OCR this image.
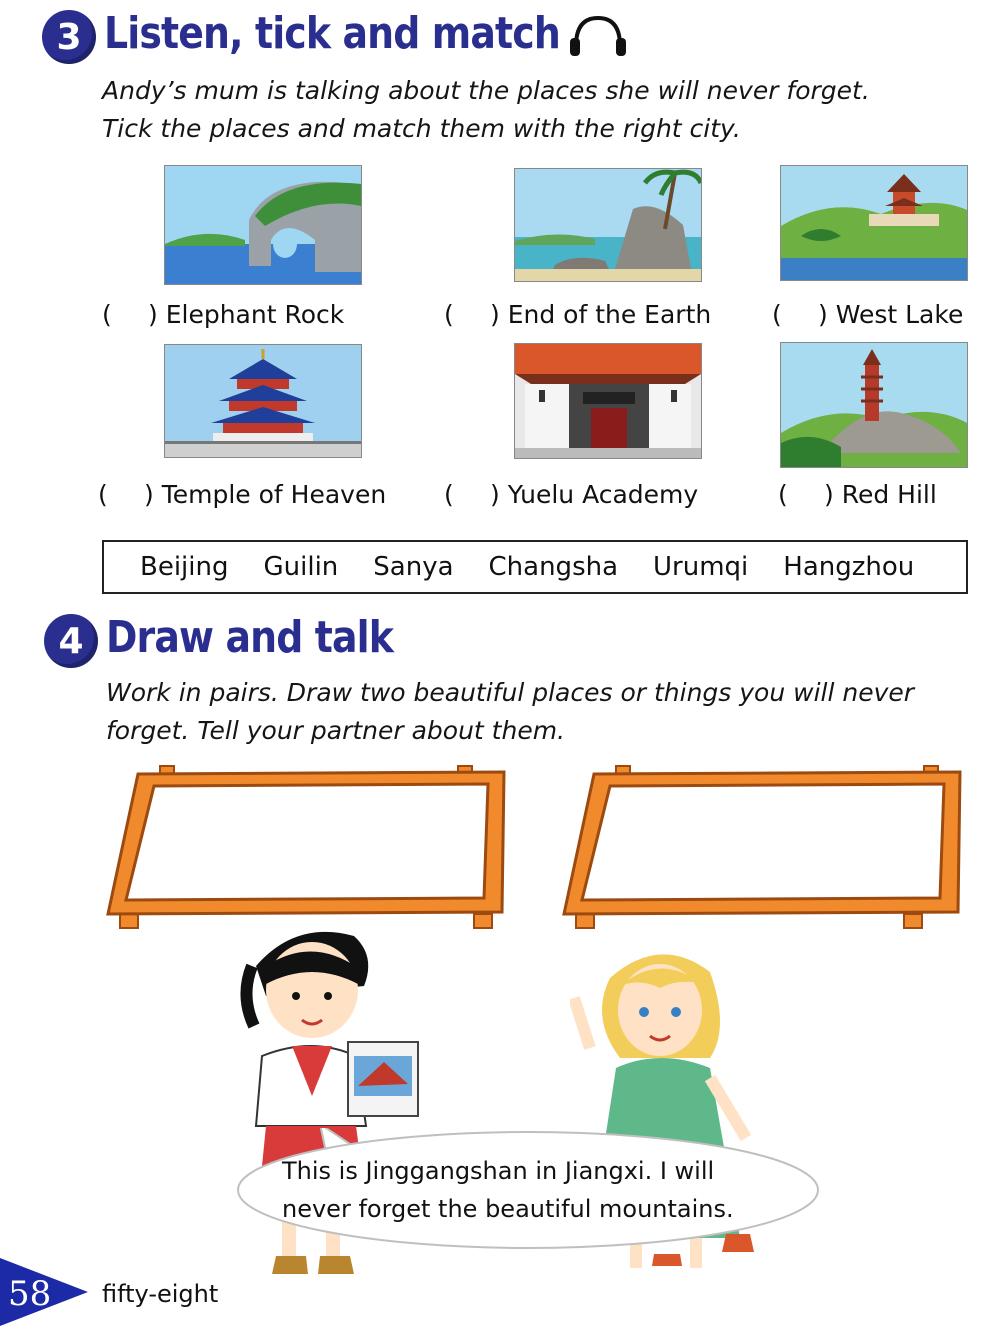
3 Listen, tick and match
Andy’s mum is talking about the places she will never forget.
Tick the places and match them with the right city.
(	) Elephant Rock	(	) End of the Earth (	) West Lake
(	) Temple of Heaven (	) Yuelu Academy	(	) Red Hill
Beijing Guilin Sanya Changsha Urumqi Hangzhou
4 Draw and talk
Work in pairs. Draw two beautiful places or things you will never
forget. Tell your partner about them.
This is Jinggangshan in Jiangxi. I will
never forget the beautiful mountains.
58 fifty-eight
